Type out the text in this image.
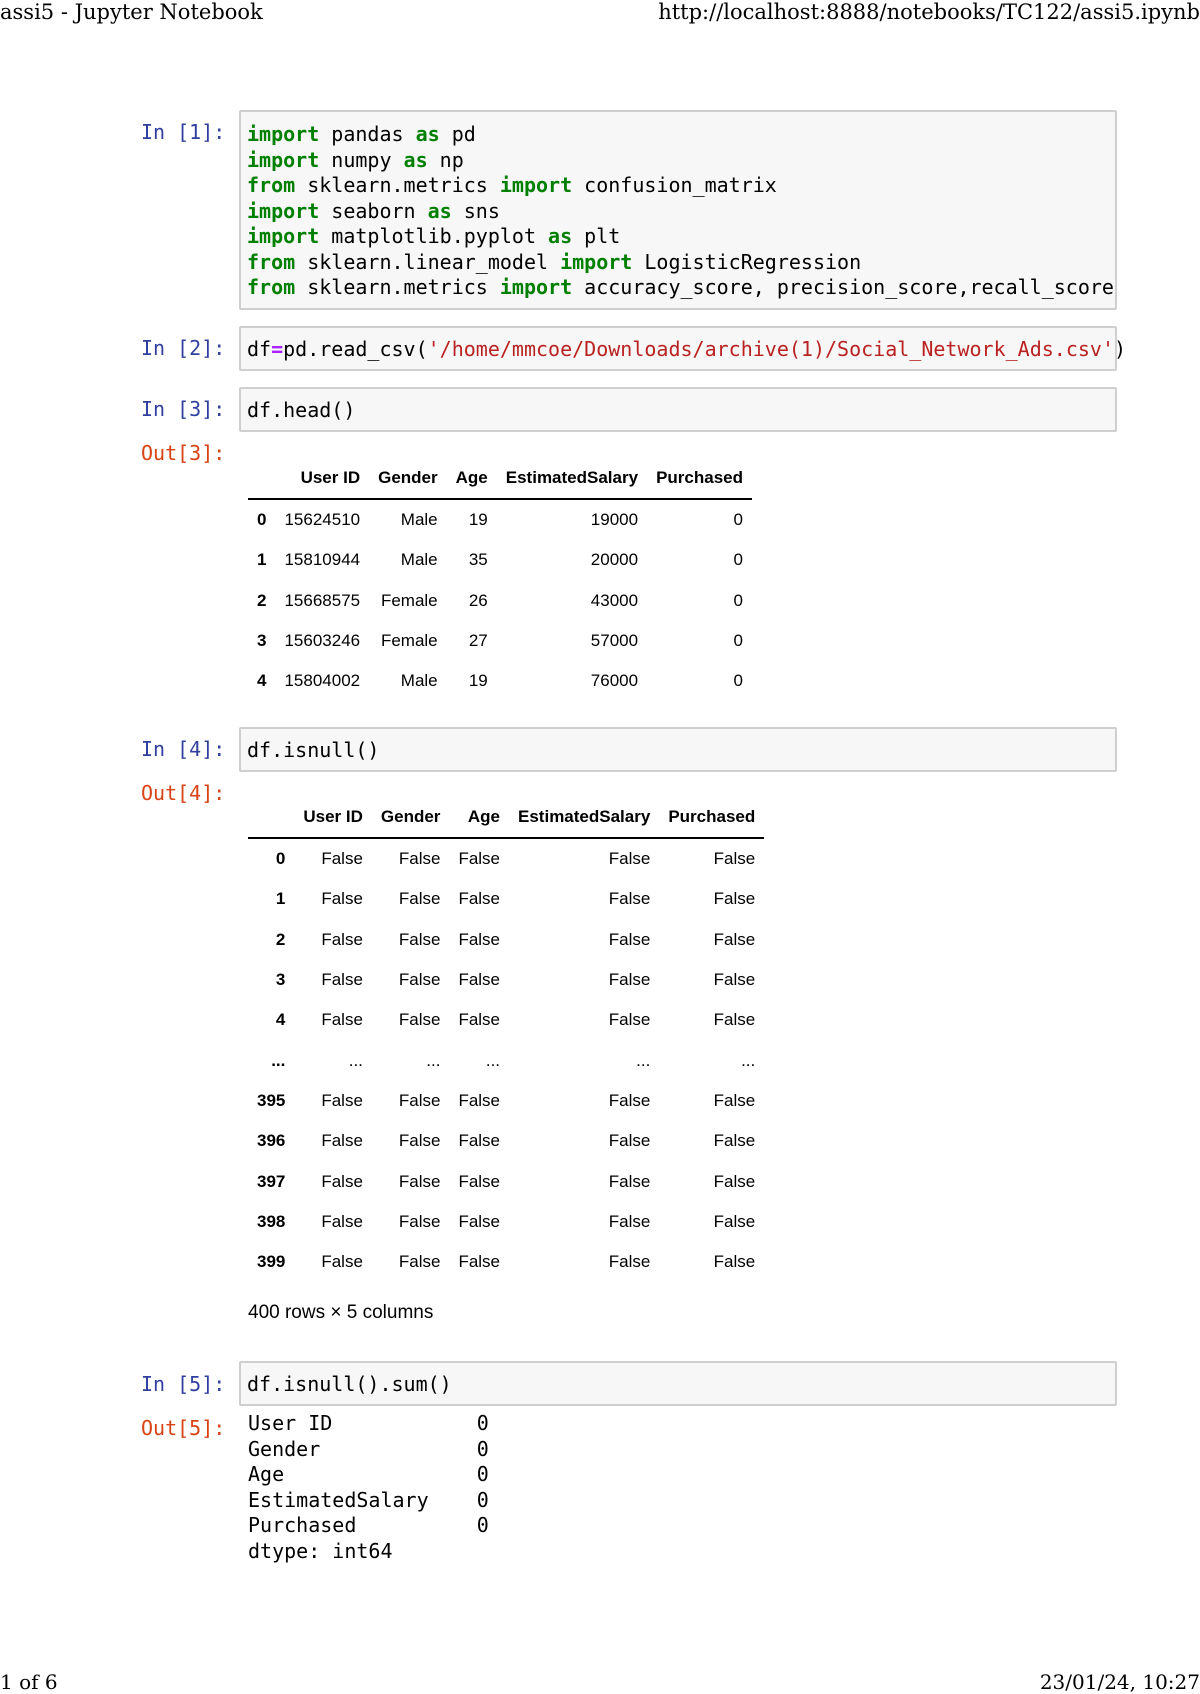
assi5 - Jupyter Notebook	http://localhost:8888/notebooks/TC122/assi5.ipynb
In [1]:	import pandas as pd
import numpy as np
from sklearn.metrics import confusion_matrix
import seaborn as sns
import matplotlib.pyplot as plt
from sklearn.linear_model import LogisticRegression
from sklearn.metrics import accuracy_score, precision_score,recall_score
In [2]:	df=pd.read_csv('/home/mmcoe/Downloads/archive(1)/Social_Network_Ads.csv')
In [3]:	df.head()
Out[3]:
	User ID	Gender	Age	EstimatedSalary	Purchased
0	15624510	Male	19	19000	0
1	15810944	Male	35	20000	0
2	15668575	Female	26	43000	0
3	15603246	Female	27	57000	0
4	15804002	Male	19	76000	0
In [4]:	df.isnull()
Out[4]:
	User ID	Gender	Age	EstimatedSalary	Purchased
0	False	False	False	False	False
1	False	False	False	False	False
2	False	False	False	False	False
3	False	False	False	False	False
4	False	False	False	False	False
...	...	...	...	...	...
395	False	False	False	False	False
396	False	False	False	False	False
397	False	False	False	False	False
398	False	False	False	False	False
399	False	False	False	False	False
400 rows × 5 columns
In [5]:	df.isnull().sum()
Out[5]:	User ID            0
Gender             0
Age                0
EstimatedSalary    0
Purchased          0
dtype: int64
1 of 6	23/01/24, 10:27
